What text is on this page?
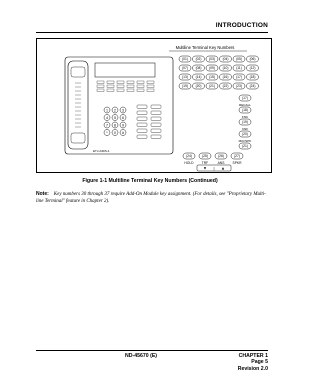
INTRODUCTION
Multiline Terminal Key Numbers
1 2 3
4 5 6
7 8 9
* 0 #
ETJ-24DS-1
(01) (02) (03) (04) (05) (06)
(07) (08) (09) (10) (11) (12)
(13) (14) (15) (16) (17) (18)
(19) (20) (21) (22) (23) (24)
(17)
RECALL
(18)
FNC
(19)
CNF
(20)
MIC/SPK
(21)
(24)
HOLD
(25)
TRF
(26)
ANS
(27)
SPKR
▼ | ▲
Figure 1-1 Multiline Terminal Key Numbers (Continued)
Note: Key numbers 30 through 37 require Add-On Module key assignment. (For details, see "Proprietary Multi-line Terminal" feature in Chapter 2).
ND-45670 (E)	CHAPTER 1
Page 5
Revision 2.0
